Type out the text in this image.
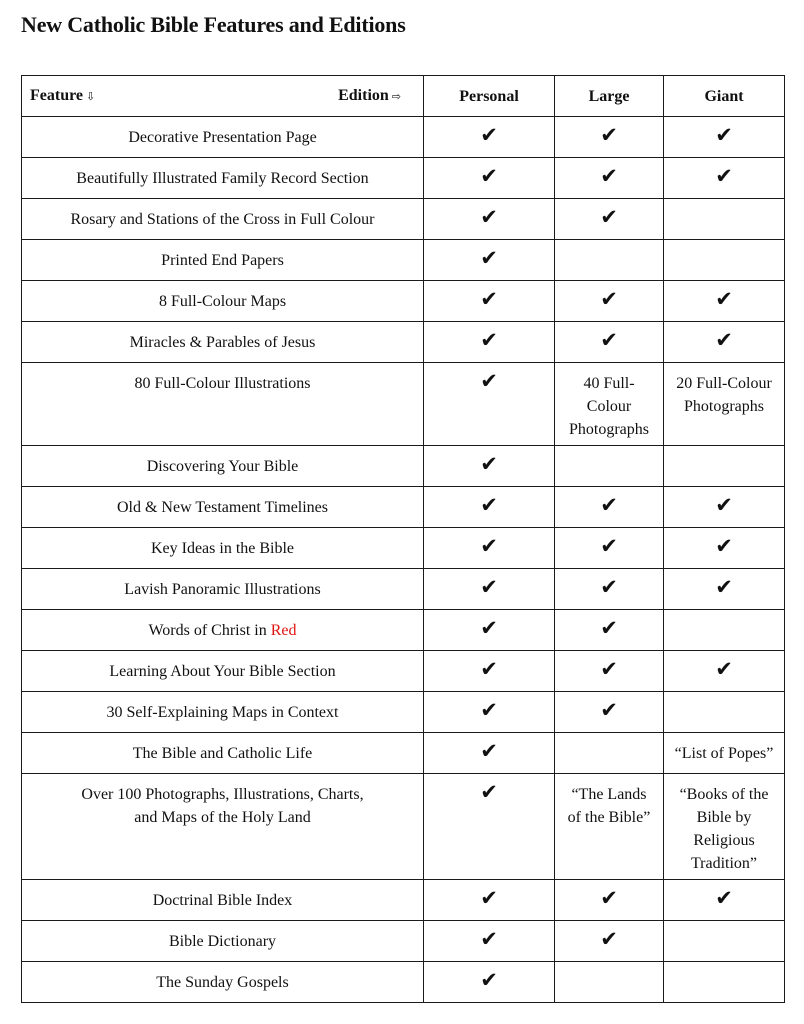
New Catholic Bible Features and Editions
Feature ⇩ Edition ⇨	Personal	Large	Giant
Decorative Presentation Page	✔	✔	✔
Beautifully Illustrated Family Record Section	✔	✔	✔
Rosary and Stations of the Cross in Full Colour	✔	✔	
Printed End Papers	✔		
8 Full-Colour Maps	✔	✔	✔
Miracles & Parables of Jesus	✔	✔	✔
80 Full-Colour Illustrations	✔	40 Full-Colour Photographs	20 Full-Colour Photographs
Discovering Your Bible	✔		
Old & New Testament Timelines	✔	✔	✔
Key Ideas in the Bible	✔	✔	✔
Lavish Panoramic Illustrations	✔	✔	✔
Words of Christ in Red	✔	✔	
Learning About Your Bible Section	✔	✔	✔
30 Self-Explaining Maps in Context	✔	✔	
The Bible and Catholic Life	✔		“List of Popes”
Over 100 Photographs, Illustrations, Charts,
and Maps of the Holy Land	✔	“The Lands of the Bible”	“Books of the Bible by Religious Tradition”
Doctrinal Bible Index	✔	✔	✔
Bible Dictionary	✔	✔	
The Sunday Gospels	✔		
